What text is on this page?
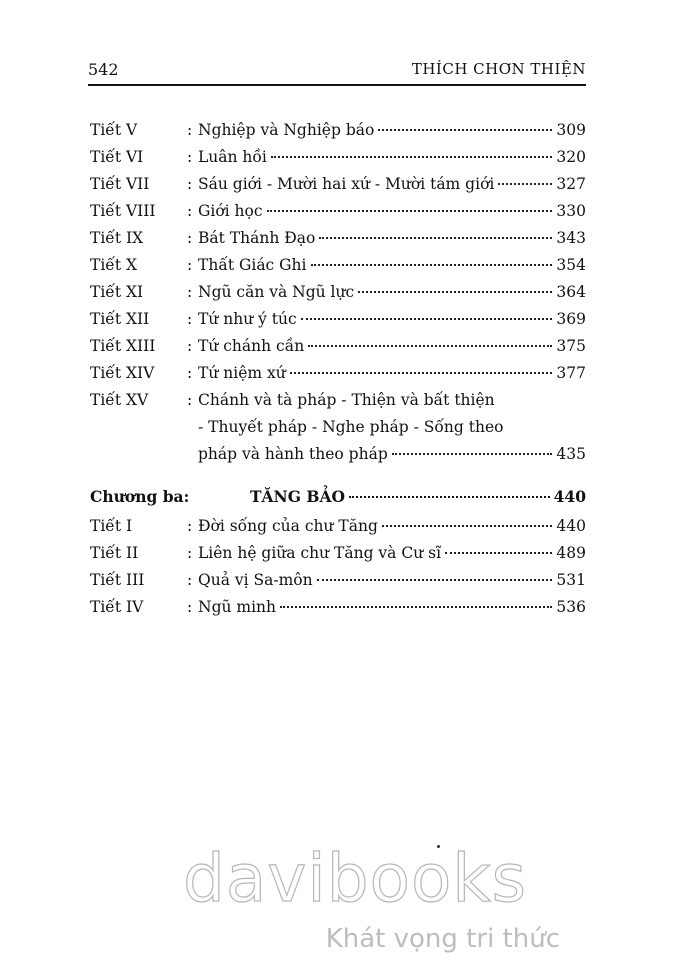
542	THÍCH CHƠN THIỆN
Tiết V	: Nghiệp và Nghiệp báo	309
Tiết VI	: Luân hồi	320
Tiết VII : Sáu giới - Mười hai xứ - Mười tám giới	327
Tiết VIII : Giới học	330
Tiết IX	: Bát Thánh Đạo	343
Tiết X	: Thất Giác Ghi	354
Tiết XI	: Ngũ căn và Ngũ lực	364
Tiết XII : Tứ như ý túc	369
Tiết XIII : Tứ chánh cần	375
Tiết XIV : Tứ niệm xứ	377
Tiết XV	: Chánh và tà pháp - Thiện và bất thiện
- Thuyết pháp - Nghe pháp - Sống theo
pháp và hành theo pháp	435
Chương ba:	TĂNG BẢO	440
Tiết I	: Đời sống của chư Tăng	440
Tiết II	: Liên hệ giữa chư Tăng và Cư sĩ	489
Tiết III	: Quả vị Sa-môn	531
Tiết IV	: Ngũ minh	536
davibooks
Khát vọng tri thức
